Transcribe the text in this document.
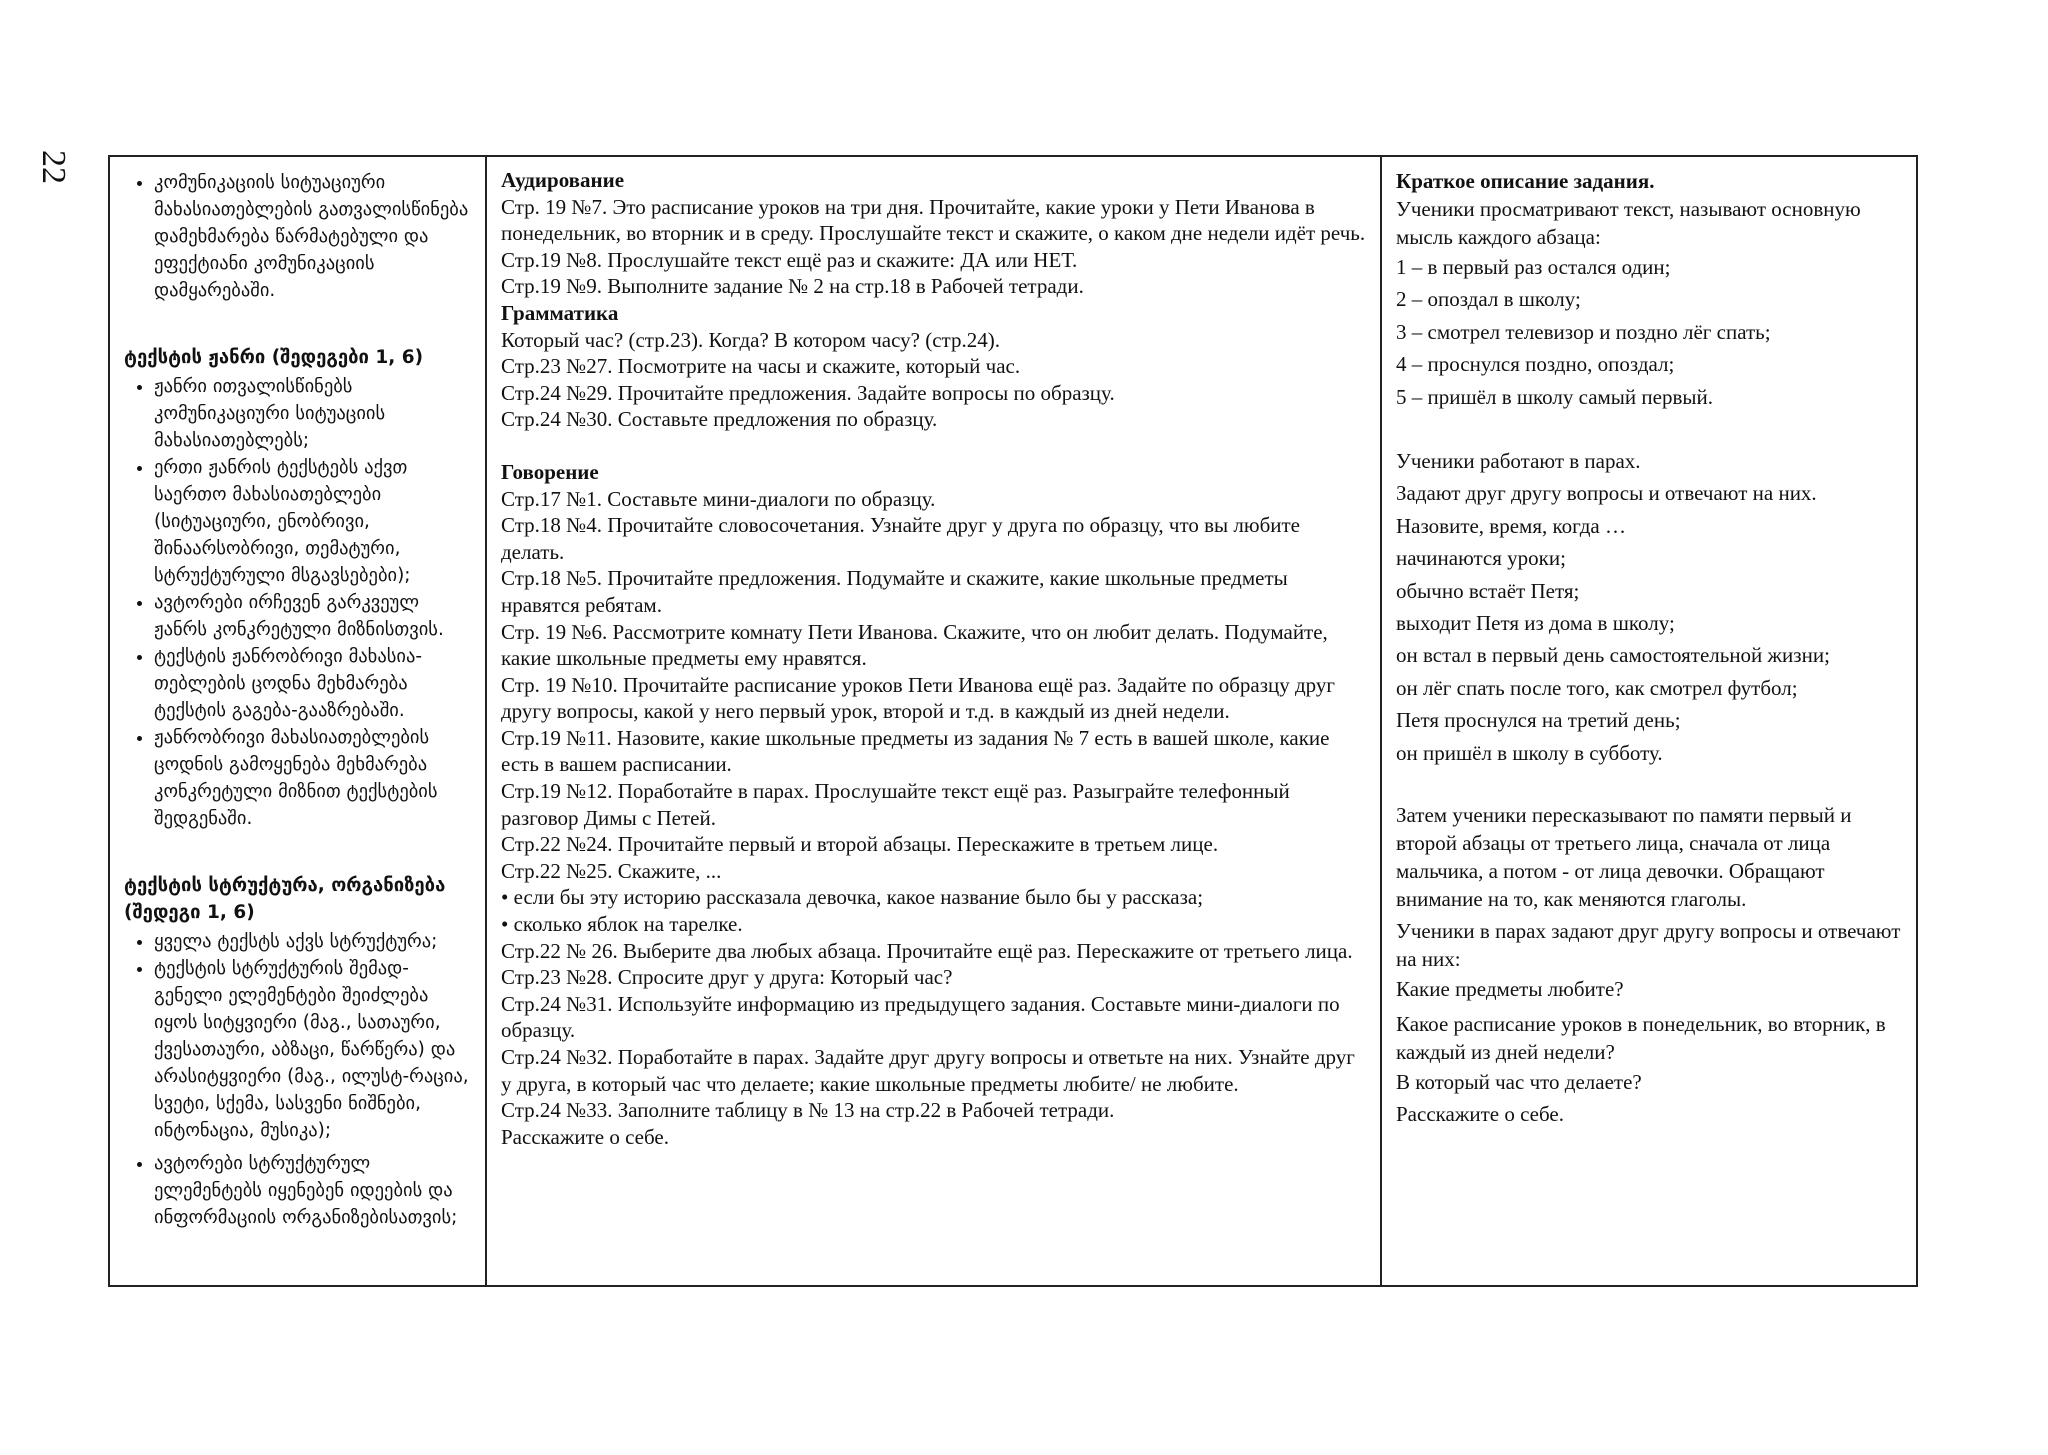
22	• კომუნიკაციის სიტუაციური მახასიათებლების გათვალისწინება დამეხმარება წარმატებული და ეფექტიანი კომუნიკაციის დამყარებაში.
ტექსტის ჟანრი (შედეგები 1, 6)
• ჟანრი ითვალისწინებს კომუნიკაციური სიტუაციის მახასიათებლებს;
• ერთი ჟანრის ტექსტებს აქვთ საერთო მახასიათებლები (სიტუაციური, ენობრივი, შინაარსობრივი, თემატური, სტრუქტურული მსგავსებები);
• ავტორები ირჩევენ გარკვეულ ჟანრს კონკრეტული მიზნისთვის.
• ტექსტის ჟანრობრივი მახასია-თებლების ცოდნა მეხმარება ტექსტის გაგება-გააზრებაში.
• ჟანრობრივი მახასიათებლების ცოდნის გამოყენება მეხმარება კონკრეტული მიზნით ტექსტების შედგენაში.
ტექსტის სტრუქტურა, ორგანიზება (შედეგი 1, 6)
• ყველა ტექსტს აქვს სტრუქტურა;
• ტექსტის სტრუქტურის შემად-გენელი ელემენტები შეიძლება იყოს სიტყვიერი (მაგ., სათაური, ქვესათაური, აბზაცი, წარწერა) და არასიტყვიერი (მაგ., ილუსტ-რაცია, სვეტი, სქემა, სასვენი ნიშნები, ინტონაცია, მუსიკა);
• ავტორები სტრუქტურულ ელემენტებს იყენებენ იდეების და ინფორმაციის ორგანიზებისათვის;

Аудирование
Стр. 19 №7. Это расписание уроков на три дня. Прочитайте, какие уроки у Пети Иванова в понедельник, во вторник и в среду. Прослушайте текст и скажите, о каком дне недели идёт речь.
Стр.19 №8. Прослушайте текст ещё раз и скажите: ДА или НЕТ.
Стр.19 №9. Выполните задание № 2 на стр.18 в Рабочей тетради.
Грамматика
Который час? (стр.23). Когда? В котором часу? (стр.24).
Стр.23 №27. Посмотрите на часы и скажите, который час.
Стр.24 №29. Прочитайте предложения. Задайте вопросы по образцу.
Стр.24 №30. Составьте предложения по образцу.
Говорение
Стр.17 №1. Составьте мини-диалоги по образцу.
Стр.18 №4. Прочитайте словосочетания. Узнайте друг у друга по образцу, что вы любите делать.
Стр.18 №5. Прочитайте предложения. Подумайте и скажите, какие школьные предметы нравятся ребятам.
Стр. 19 №6. Рассмотрите комнату Пети Иванова. Скажите, что он любит делать. Подумайте, какие школьные предметы ему нравятся.
Стр. 19 №10. Прочитайте расписание уроков Пети Иванова ещё раз. Задайте по образцу друг другу вопросы, какой у него первый урок, второй и т.д. в каждый из дней недели.
Стр.19 №11. Назовите, какие школьные предметы из задания № 7 есть в вашей школе, какие есть в вашем расписании.
Стр.19 №12. Поработайте в парах. Прослушайте текст ещё раз. Разыграйте телефонный разговор Димы с Петей.
Стр.22 №24. Прочитайте первый и второй абзацы. Перескажите в третьем лице.
Стр.22 №25. Скажите, ...
• если бы эту историю рассказала девочка, какое название было бы у рассказа;
• сколько яблок на тарелке.
Стр.22 № 26. Выберите два любых абзаца. Прочитайте ещё раз. Перескажите от третьего лица.
Стр.23 №28. Спросите друг у друга: Который час?
Стр.24 №31. Используйте информацию из предыдущего задания. Составьте мини-диалоги по образцу.
Стр.24 №32. Поработайте в парах. Задайте друг другу вопросы и ответьте на них. Узнайте друг у друга, в который час что делаете; какие школьные предметы любите/ не любите.
Стр.24 №33. Заполните таблицу в № 13 на стр.22 в Рабочей тетради.
Расскажите о себе.

Краткое описание задания.
Ученики просматривают текст, называют основную мысль каждого абзаца:
1 – в первый раз остался один;
2 – опоздал в школу;
3 – смотрел телевизор и поздно лёг спать;
4 – проснулся поздно, опоздал;
5 – пришёл в школу самый первый.
Ученики работают в парах.
Задают друг другу вопросы и отвечают на них.
Назовите, время, когда …
начинаются уроки;
обычно встаёт Петя;
выходит Петя из дома в школу;
он встал в первый день самостоятельной жизни;
он лёг спать после того, как смотрел футбол;
Петя проснулся на третий день;
он пришёл в школу в субботу.
Затем ученики пересказывают по памяти первый и второй абзацы от третьего лица, сначала от лица мальчика, а потом - от лица девочки. Обращают внимание на то, как меняются глаголы.
Ученики в парах задают друг другу вопросы и отвечают на них:
Какие предметы любите?
Какое расписание уроков в понедельник, во вторник, в каждый из дней недели?
В который час что делаете?
Расскажите о себе.
